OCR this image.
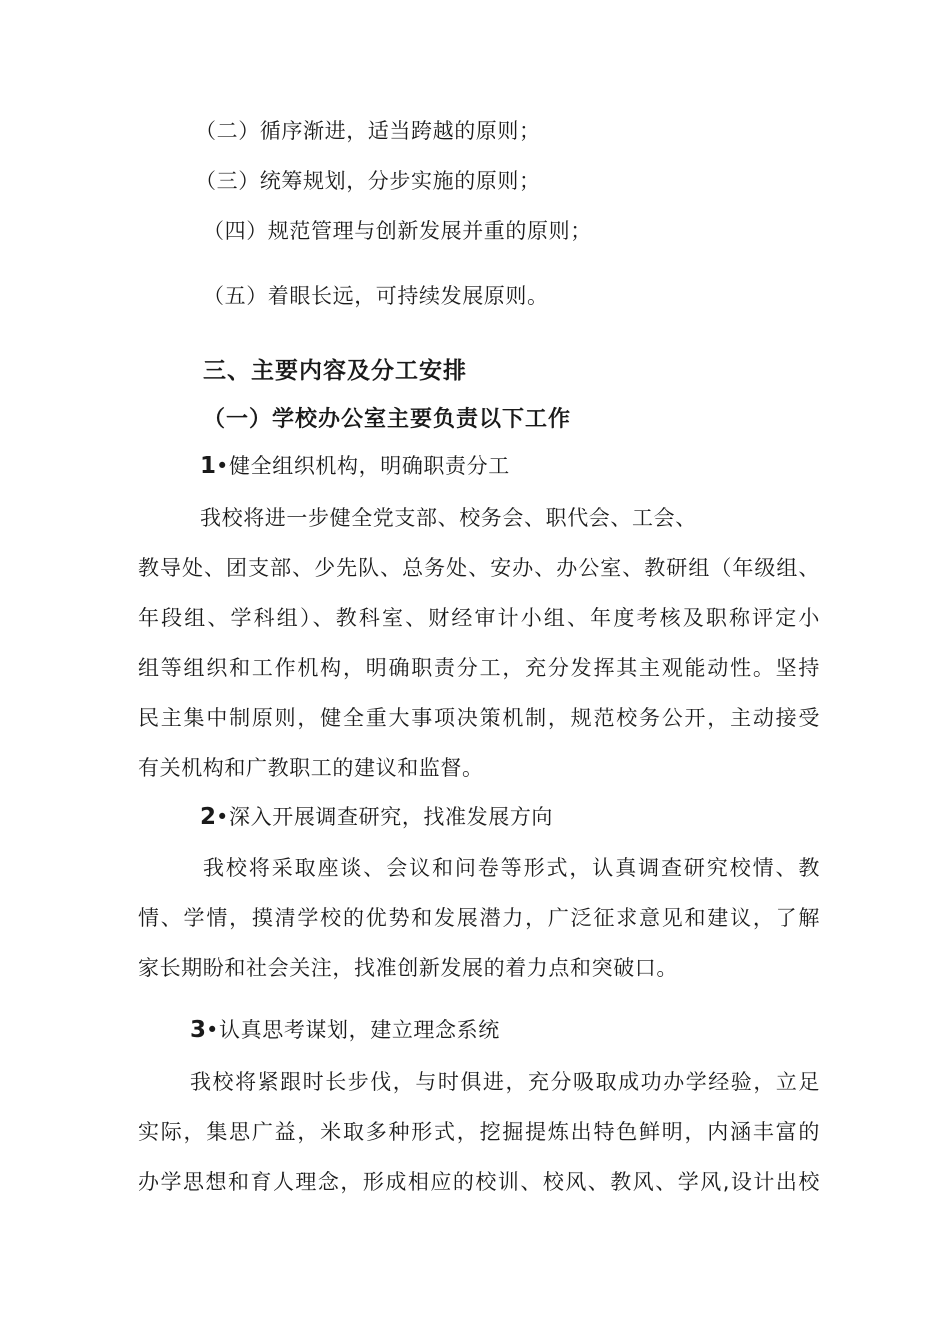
（二）循序渐进，适当跨越的原则；
（三）统筹规划，分步实施的原则；
（四）规范管理与创新发展并重的原则；
（五）着眼长远，可持续发展原则。
三、主要内容及分工安排
（一）学校办公室主要负责以下工作
1•健全组织机构，明确职责分工
我校将进一步健全党支部、校务会、职代会、工会、
教导处、团支部、少先队、总务处、安办、办公室、教研组（年级组、
年段组、学科组）、教科室、财经审计小组、年度考核及职称评定小
组等组织和工作机构，明确职责分工，充分发挥其主观能动性。坚持
民主集中制原则，健全重大事项决策机制，规范校务公开，主动接受
有关机构和广教职工的建议和监督。
2•深入开展调查研究，找准发展方向
我校将采取座谈、会议和问卷等形式，认真调查研究校情、教
情、学情，摸清学校的优势和发展潜力，广泛征求意见和建议，了解
家长期盼和社会关注，找准创新发展的着力点和突破口。
3•认真思考谋划，建立理念系统
我校将紧跟时长步伐，与时俱进，充分吸取成功办学经验，立足
实际，集思广益，米取多种形式，挖掘提炼出特色鲜明，内涵丰富的
办学思想和育人理念，形成相应的校训、校风、教风、学风,设计出校
